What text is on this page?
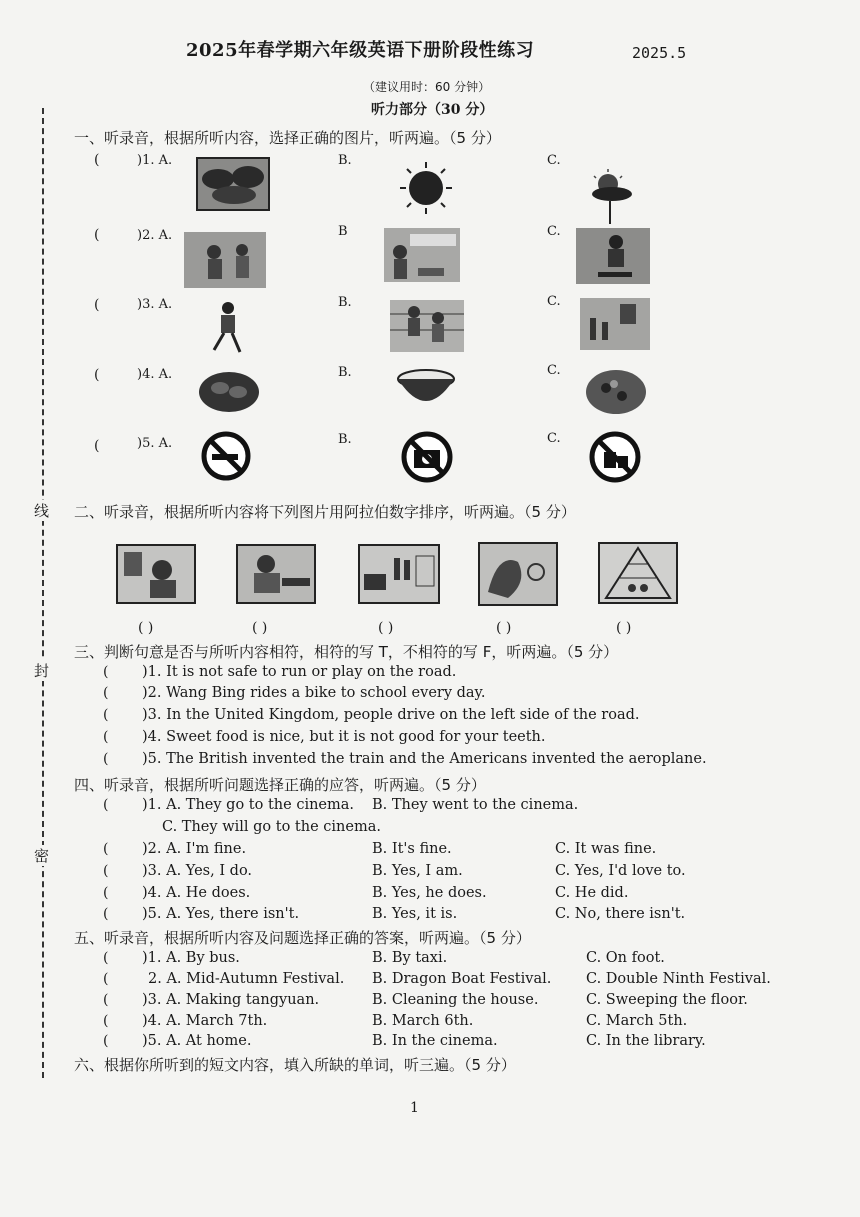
2025年春学期六年级英语下册阶段性练习	2025.5
（建议用时：60 分钟）
听力部分（30 分）
线
封
密
一、听录音，根据所听内容，选择正确的图片，听两遍。（5 分）
(	)1. A.	B.	C.
(	)2. A.	B	C.
(	)3. A.	B.	C.
(	)4. A.	B.	C.
(	)5. A.	B.	C.
二、听录音，根据所听内容将下列图片用阿拉伯数字排序，听两遍。（5 分）
( )	( )	( )	( )	( )
三、判断句意是否与所听内容相符，相符的写 T，不相符的写 F，听两遍。（5 分）
( )1. It is not safe to run or play on the road.
( )2. Wang Bing rides a bike to school every day.
( )3. In the United Kingdom, people drive on the left side of the road.
( )4. Sweet food is nice, but it is not good for your teeth.
( )5. The British invented the train and the Americans invented the aeroplane.
四、听录音，根据所听问题选择正确的应答，听两遍。（5 分）
( )1. A. They go to the cinema. B. They went to the cinema.
C. They will go to the cinema.
( )2. A. I'm fine.	B. It's fine.	C. It was fine.
( )3. A. Yes, I do.	B. Yes, I am.	C. Yes, I'd love to.
( )4. A. He does.	B. Yes, he does.	C. He did.
( )5. A. Yes, there isn't.	B. Yes, it is.	C. No, there isn't.
五、听录音，根据所听内容及问题选择正确的答案，听两遍。（5 分）
( )1. A. By bus.	B. By taxi.	C. On foot.
(	2. A. Mid-Autumn Festival. B. Dragon Boat Festival. C. Double Ninth Festival.
( )3. A. Making tangyuan.	B. Cleaning the house.	C. Sweeping the floor.
( )4. A. March 7th.	B. March 6th.	C. March 5th.
( )5. A. At home.	B. In the cinema.	C. In the library.
六、根据你所听到的短文内容，填入所缺的单词，听三遍。（5 分）
1
